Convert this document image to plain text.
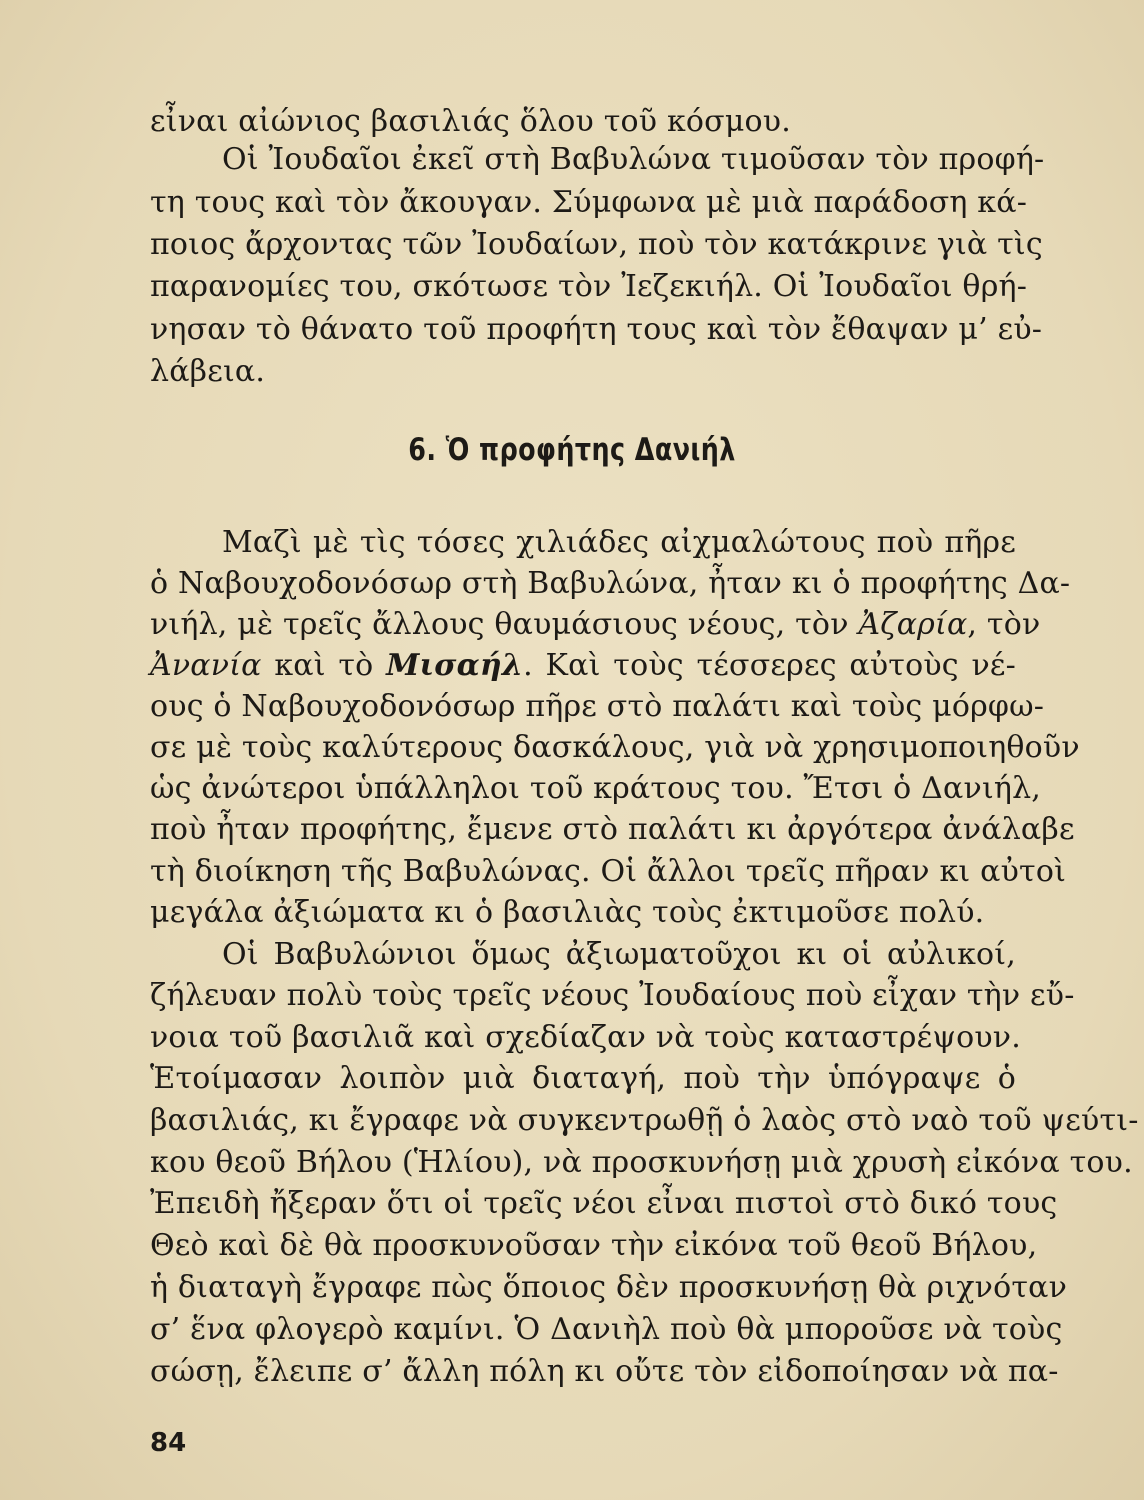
εἶναι αἰώνιος βασιλιάς ὅλου τοῦ κόσμου.
Οἱ Ἰουδαῖοι ἐκεῖ στὴ Βαβυλώνα τιμοῦσαν τὸν προφή-
τη τους καὶ τὸν ἄκουγαν. Σύμφωνα μὲ μιὰ παράδοση κά-
ποιος ἄρχοντας τῶν Ἰουδαίων, ποὺ τὸν κατάκρινε γιὰ τὶς
παρανομίες του, σκότωσε τὸν Ἰεζεκιήλ. Οἱ Ἰουδαῖοι θρή-
νησαν τὸ θάνατο τοῦ προφήτη τους καὶ τὸν ἔθαψαν μ’ εὐ-
λάβεια.
6. Ὁ προφήτης Δανιήλ
Μαζὶ μὲ τὶς τόσες χιλιάδες αἰχμαλώτους ποὺ πῆρε
ὁ Ναβουχοδονόσωρ στὴ Βαβυλώνα, ἦταν κι ὁ προφήτης Δα-
νιήλ, μὲ τρεῖς ἄλλους θαυμάσιους νέους, τὸν Ἀζαρία, τὸν
Ἀνανία καὶ τὸ Μισαήλ. Καὶ τοὺς τέσσερες αὐτοὺς νέ-
ους ὁ Ναβουχοδονόσωρ πῆρε στὸ παλάτι καὶ τοὺς μόρφω-
σε μὲ τοὺς καλύτερους δασκάλους, γιὰ νὰ χρησιμοποιηθοῦν
ὡς ἀνώτεροι ὑπάλληλοι τοῦ κράτους του. Ἔτσι ὁ Δανιήλ,
ποὺ ἦταν προφήτης, ἔμενε στὸ παλάτι κι ἀργότερα ἀνάλαβε
τὴ διοίκηση τῆς Βαβυλώνας. Οἱ ἄλλοι τρεῖς πῆραν κι αὐτοὶ
μεγάλα ἀξιώματα κι ὁ βασιλιὰς τοὺς ἐκτιμοῦσε πολύ.
Οἱ Βαβυλώνιοι ὅμως ἀξιωματοῦχοι κι οἱ αὐλικοί,
ζήλευαν πολὺ τοὺς τρεῖς νέους Ἰουδαίους ποὺ εἶχαν τὴν εὔ-
νοια τοῦ βασιλιᾶ καὶ σχεδίαζαν νὰ τοὺς καταστρέψουν.
Ἑτοίμασαν λοιπὸν μιὰ διαταγή, ποὺ τὴν ὑπόγραψε ὁ
βασιλιάς, κι ἔγραφε νὰ συγκεντρωθῇ ὁ λαὸς στὸ ναὸ τοῦ ψεύτι-
κου θεοῦ Βήλου (Ἡλίου), νὰ προσκυνήσῃ μιὰ χρυσὴ εἰκόνα του.
Ἐπειδὴ ἤξεραν ὅτι οἱ τρεῖς νέοι εἶναι πιστοὶ στὸ δικό τους
Θεὸ καὶ δὲ θὰ προσκυνοῦσαν τὴν εἰκόνα τοῦ θεοῦ Βήλου,
ἡ διαταγὴ ἔγραφε πὼς ὅποιος δὲν προσκυνήσῃ θὰ ριχνόταν
σ’ ἕνα φλογερὸ καμίνι. Ὁ Δανιὴλ ποὺ θὰ μποροῦσε νὰ τοὺς
σώσῃ, ἔλειπε σ’ ἄλλη πόλη κι οὔτε τὸν εἰδοποίησαν νὰ πα-
84
